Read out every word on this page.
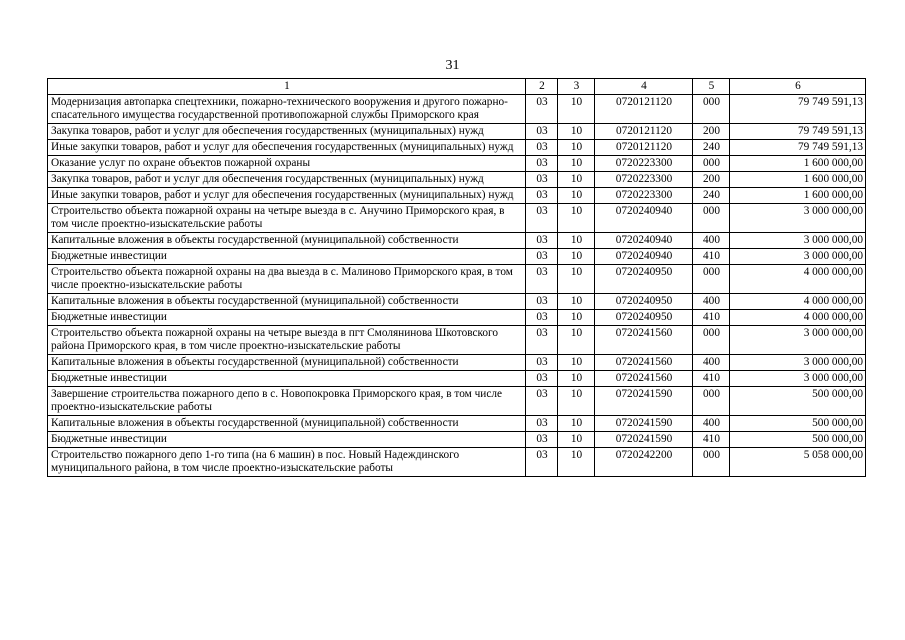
31
1	2	3	4	5	6
Модернизация автопарка спецтехники, пожарно-технического вооружения и другого пожарно-спасательного имущества государственной противопожарной службы Приморского края	03	10	0720121120	000	79 749 591,13
Закупка товаров, работ и услуг для обеспечения государственных (муниципальных) нужд	03	10	0720121120	200	79 749 591,13
Иные закупки товаров, работ и услуг для обеспечения государственных (муниципальных) нужд	03	10	0720121120	240	79 749 591,13
Оказание услуг по охране объектов пожарной охраны	03	10	0720223300	000	1 600 000,00
Закупка товаров, работ и услуг для обеспечения государственных (муниципальных) нужд	03	10	0720223300	200	1 600 000,00
Иные закупки товаров, работ и услуг для обеспечения государственных (муниципальных) нужд	03	10	0720223300	240	1 600 000,00
Строительство объекта пожарной охраны на четыре выезда в с. Анучино Приморского края, в том числе проектно-изыскательские работы	03	10	0720240940	000	3 000 000,00
Капитальные вложения в объекты государственной (муниципальной) собственности	03	10	0720240940	400	3 000 000,00
Бюджетные инвестиции	03	10	0720240940	410	3 000 000,00
Строительство объекта пожарной охраны на два выезда в с. Малиново Приморского края, в том числе проектно-изыскательские работы	03	10	0720240950	000	4 000 000,00
Капитальные вложения в объекты государственной (муниципальной) собственности	03	10	0720240950	400	4 000 000,00
Бюджетные инвестиции	03	10	0720240950	410	4 000 000,00
Строительство объекта пожарной охраны на четыре выезда в пгт Смолянинова Шкотовского района Приморского края, в том числе проектно-изыскательские работы	03	10	0720241560	000	3 000 000,00
Капитальные вложения в объекты государственной (муниципальной) собственности	03	10	0720241560	400	3 000 000,00
Бюджетные инвестиции	03	10	0720241560	410	3 000 000,00
Завершение строительства пожарного депо в с. Новопокровка Приморского края, в том числе проектно-изыскательские работы	03	10	0720241590	000	500 000,00
Капитальные вложения в объекты государственной (муниципальной) собственности	03	10	0720241590	400	500 000,00
Бюджетные инвестиции	03	10	0720241590	410	500 000,00
Строительство пожарного депо 1-го типа (на 6 машин) в пос. Новый Надеждинского муниципального района, в том числе проектно-изыскательские работы	03	10	0720242200	000	5 058 000,00
